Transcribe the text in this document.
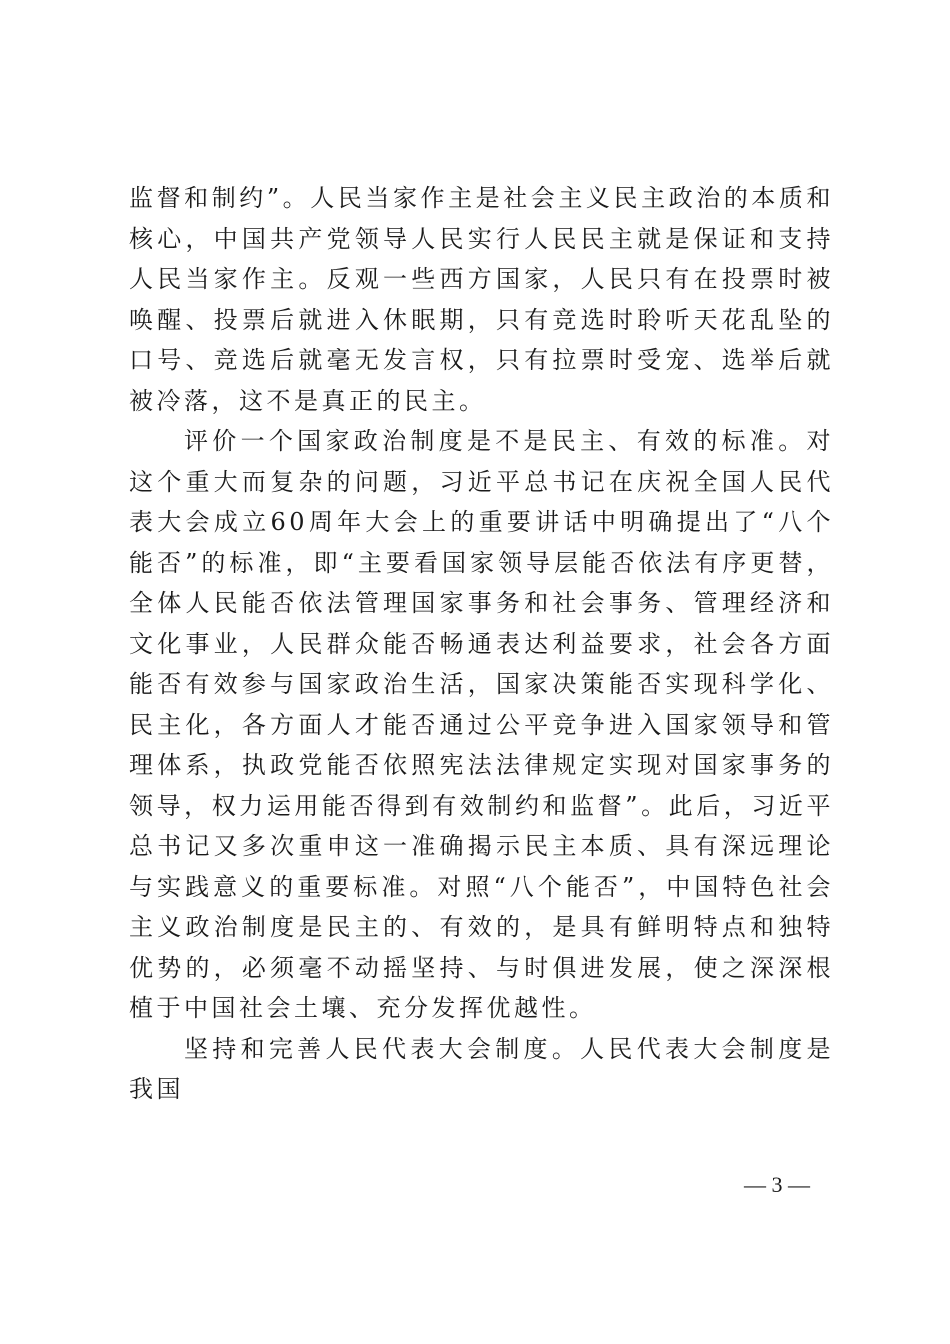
监督和制约”。人民当家作主是社会主义民主政治的本质和核心，中国共产党领导人民实行人民民主就是保证和支持人民当家作主。反观一些西方国家，人民只有在投票时被唤醒、投票后就进入休眠期，只有竞选时聆听天花乱坠的口号、竞选后就毫无发言权，只有拉票时受宠、选举后就被冷落，这不是真正的民主。

评价一个国家政治制度是不是民主、有效的标准。对这个重大而复杂的问题，习近平总书记在庆祝全国人民代表大会成立60周年大会上的重要讲话中明确提出了“八个能否”的标准，即“主要看国家领导层能否依法有序更替，全体人民能否依法管理国家事务和社会事务、管理经济和文化事业，人民群众能否畅通表达利益要求，社会各方面能否有效参与国家政治生活，国家决策能否实现科学化、民主化，各方面人才能否通过公平竞争进入国家领导和管理体系，执政党能否依照宪法法律规定实现对国家事务的领导，权力运用能否得到有效制约和监督”。此后，习近平总书记又多次重申这一准确揭示民主本质、具有深远理论与实践意义的重要标准。对照“八个能否”，中国特色社会主义政治制度是民主的、有效的，是具有鲜明特点和独特优势的，必须毫不动摇坚持、与时俱进发展，使之深深根植于中国社会土壤、充分发挥优越性。

坚持和完善人民代表大会制度。人民代表大会制度是我国

— 3 —
